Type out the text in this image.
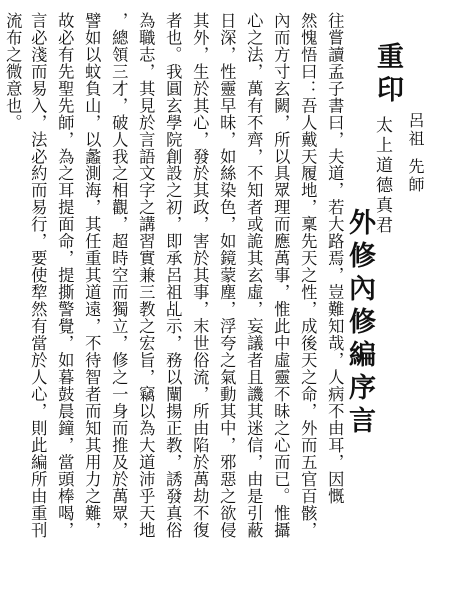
重印
呂祖
先師
太上道德真君
外修內修編序言
往嘗讀孟子書曰，夫道，若大路焉，豈難知哉，人病不由耳，因慨
然愧悟曰：吾人戴天履地，稟先天之性，成後天之命，外而五官百骸，
內而方寸玄闕，所以具眾理而應萬事，惟此中虛靈不昧之心而已。惟攝
心之法，萬有不齊，不知者或詭其玄虛，妄議者且譏其迷信，由是引蔽
日深，性靈早昧，如絲染色，如鏡蒙塵，浮夸之氣動其中，邪惡之欲侵
其外，生於其心，發於其政，害於其事，末世俗流，所由陷於萬劫不復
者也。我圓玄學院創設之初，即承呂祖乩示，務以闡揚正教，誘發真俗
為職志，其見於言語文字之講習實兼三教之宏旨，竊以為大道沛乎天地
，總領三才，破人我之相觀，超時空而獨立，修之一身而推及於萬眾，
譬如以蚊負山，以蠡測海，其任重其道遠，不待智者而知其用力之難，
故必有先聖先師，為之耳提面命，提撕警覺，如暮鼓晨鐘，當頭棒喝，
言必淺而易入，法必約而易行，要使犂然有當於人心，則此編所由重刊
流布之微意也。
